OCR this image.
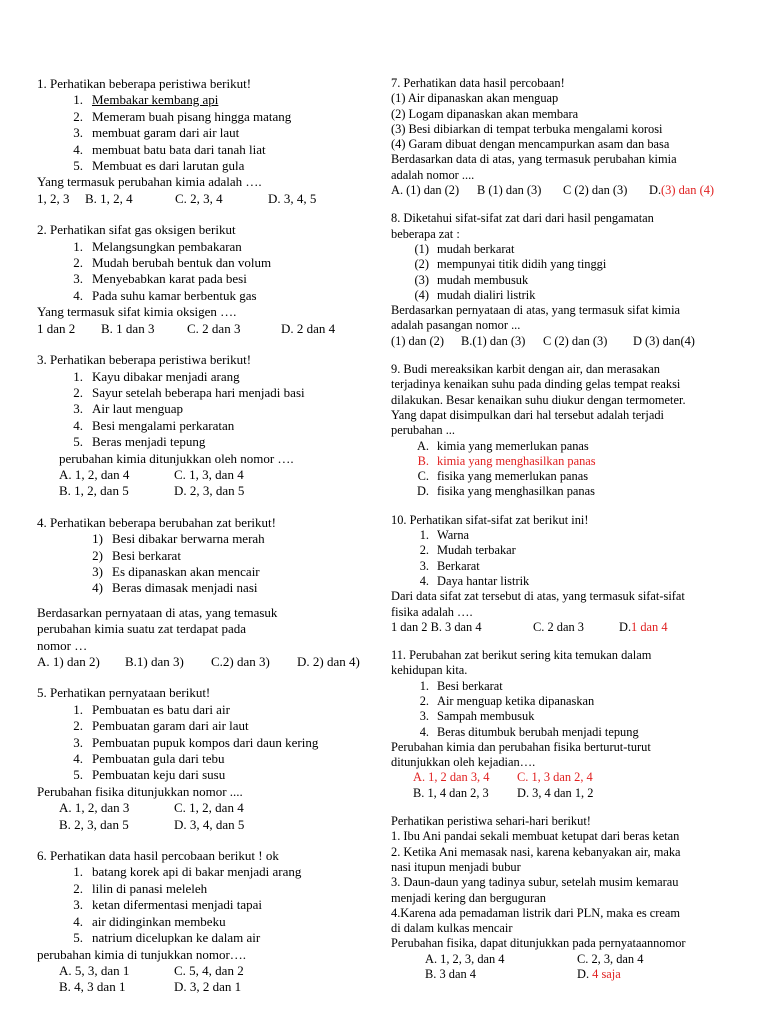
1. Perhatikan beberapa peristiwa berikut!
1. Membakar kembang api
2. Memeram buah pisang hingga matang
3. membuat garam dari air laut
4. membuat batu bata dari tanah liat
5. Membuat es dari larutan gula
Yang termasuk perubahan kimia adalah ….
1, 2, 3 B. 1, 2, 4	C. 2, 3, 4	D. 3, 4, 5
2. Perhatikan sifat gas oksigen berikut
1. Melangsungkan pembakaran
2. Mudah berubah bentuk dan volum
3. Menyebabkan karat pada besi
4. Pada suhu kamar berbentuk gas
Yang termasuk sifat kimia oksigen ….
1 dan 2 B. 1 dan 3	C. 2 dan 3	D. 2 dan 4
3. Perhatikan beberapa peristiwa berikut!
1. Kayu dibakar menjadi arang
2. Sayur setelah beberapa hari menjadi basi
3. Air laut menguap
4. Besi mengalami perkaratan
5. Beras menjadi tepung
perubahan kimia ditunjukkan oleh nomor ….
A. 1, 2, dan 4	C. 1, 3, dan 4
B. 1, 2, dan 5	D. 2, 3, dan 5
4. Perhatikan beberapa berubahan zat berikut!
1) Besi dibakar berwarna merah
2) Besi berkarat
3) Es dipanaskan akan mencair
4) Beras dimasak menjadi nasi
Berdasarkan pernyataan di atas, yang temasuk
perubahan kimia suatu zat terdapat pada
nomor …
A. 1) dan 2) B.1) dan 3) C.2) dan 3) D. 2) dan 4)
5. Perhatikan pernyataan berikut!
1. Pembuatan es batu dari air
2. Pembuatan garam dari air laut
3. Pembuatan pupuk kompos dari daun kering
4. Pembuatan gula dari tebu
5. Pembuatan keju dari susu
Perubahan fisika ditunjukkan nomor ....
A. 1, 2, dan 3	C. 1, 2, dan 4
B. 2, 3, dan 5	D. 3, 4, dan 5
6. Perhatikan data hasil percobaan berikut ! ok
1. batang korek api di bakar menjadi arang
2. lilin di panasi meleleh
3. ketan difermentasi menjadi tapai
4. air didinginkan membeku
5. natrium dicelupkan ke dalam air
perubahan kimia di tunjukkan nomor….
A. 5, 3, dan 1	C. 5, 4, dan 2
B. 4, 3 dan 1	D. 3, 2 dan 1
7. Perhatikan data hasil percobaan!
(1) Air dipanaskan akan menguap
(2) Logam dipanaskan akan membara
(3) Besi dibiarkan di tempat terbuka mengalami korosi
(4) Garam dibuat dengan mencampurkan asam dan basa
Berdasarkan data di atas, yang termasuk perubahan kimia
adalah nomor ....
A. (1) dan (2) B (1) dan (3) C (2) dan (3) D.(3) dan (4)
8. Diketahui sifat-sifat zat dari dari hasil pengamatan
beberapa zat :
(1) mudah berkarat
(2) mempunyai titik didih yang tinggi
(3) mudah membusuk
(4) mudah dialiri listrik
Berdasarkan pernyataan di atas, yang termasuk sifat kimia
adalah pasangan nomor ...
(1) dan (2) B.(1) dan (3) C (2) dan (3) D (3) dan(4)
9. Budi mereaksikan karbit dengan air, dan merasakan
terjadinya kenaikan suhu pada dinding gelas tempat reaksi
dilakukan. Besar kenaikan suhu diukur dengan termometer.
Yang dapat disimpulkan dari hal tersebut adalah terjadi
perubahan ...
A. kimia yang memerlukan panas
B. kimia yang menghasilkan panas
C. fisika yang memerlukan panas
D. fisika yang menghasilkan panas
10. Perhatikan sifat-sifat zat berikut ini!
1. Warna
2. Mudah terbakar
3. Berkarat
4. Daya hantar listrik
Dari data sifat zat tersebut di atas, yang termasuk sifat-sifat
fisika adalah ….
1 dan 2 B. 3 dan 4	C. 2 dan 3	D.1 dan 4
11. Perubahan zat berikut sering kita temukan dalam
kehidupan kita.
1. Besi berkarat
2. Air menguap ketika dipanaskan
3. Sampah membusuk
4. Beras ditumbuk berubah menjadi tepung
Perubahan kimia dan perubahan fisika berturut-turut
ditunjukkan oleh kejadian….
A. 1, 2 dan 3, 4 C. 1, 3 dan 2, 4
B. 1, 4 dan 2, 3 D. 3, 4 dan 1, 2
Perhatikan peristiwa sehari-hari berikut!
1. Ibu Ani pandai sekali membuat ketupat dari beras ketan
2. Ketika Ani memasak nasi, karena kebanyakan air, maka
nasi itupun menjadi bubur
3. Daun-daun yang tadinya subur, setelah musim kemarau
menjadi kering dan berguguran
4.Karena ada pemadaman listrik dari PLN, maka es cream
di dalam kulkas mencair
Perubahan fisika, dapat ditunjukkan pada pernyataannomor
A. 1, 2, 3, dan 4	C. 2, 3, dan 4
B. 3 dan 4	D. 4 saja
